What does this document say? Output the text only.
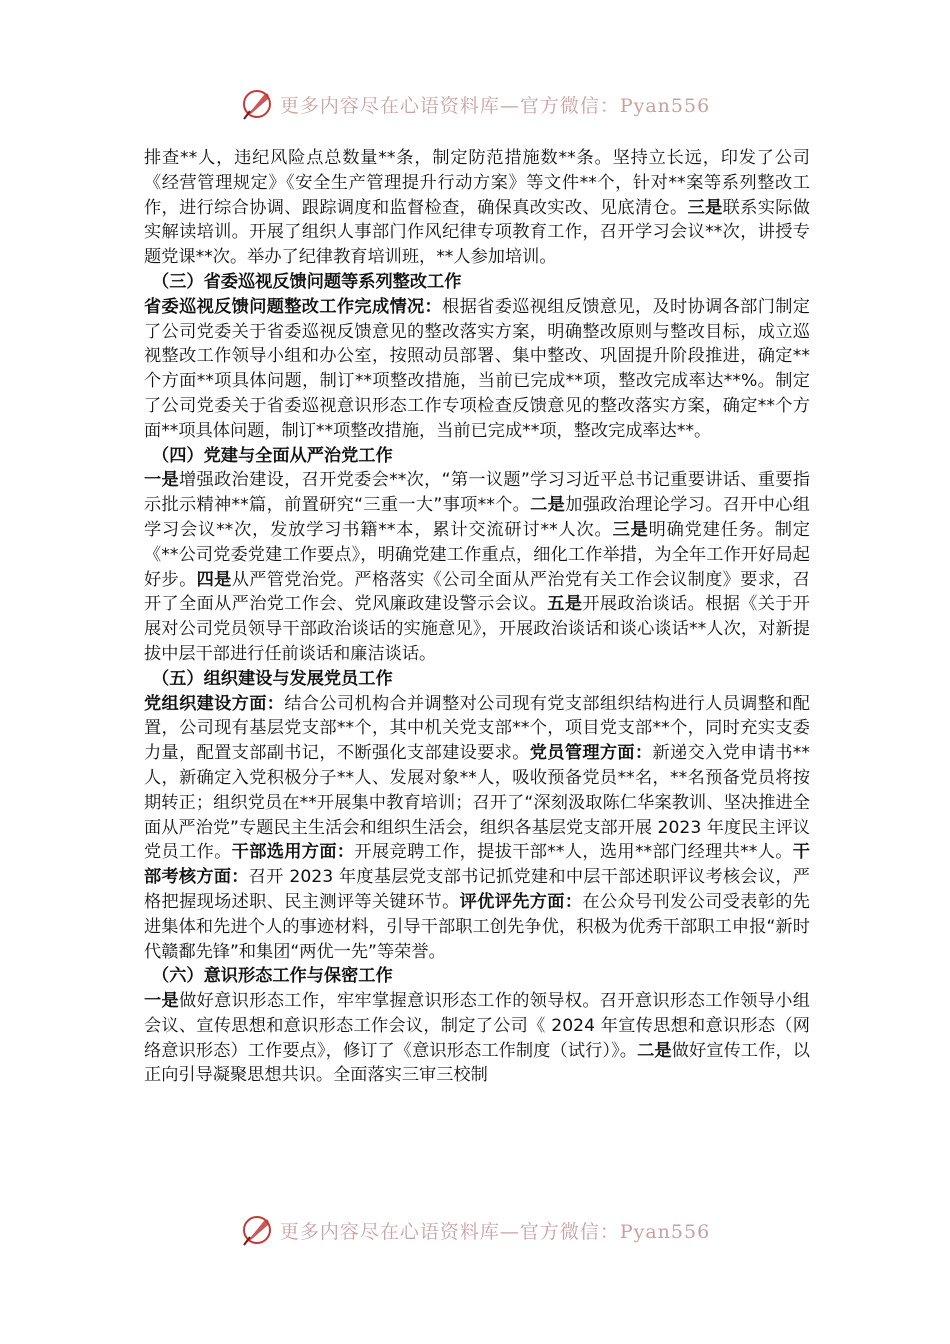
更多内容尽在心语资料库—官方微信：Pyan556

排查**人，违纪风险点总数量**条，制定防范措施数**条。坚持立长远，印发了公司《经营管理规定》《安全生产管理提升行动方案》等文件**个，针对**案等系列整改工作，进行综合协调、跟踪调度和监督检查，确保真改实改、见底清仓。三是联系实际做实解读培训。开展了组织人事部门作风纪律专项教育工作，召开学习会议**次，讲授专题党课**次。举办了纪律教育培训班，**人参加培训。

（三）省委巡视反馈问题等系列整改工作

省委巡视反馈问题整改工作完成情况：根据省委巡视组反馈意见，及时协调各部门制定了公司党委关于省委巡视反馈意见的整改落实方案，明确整改原则与整改目标，成立巡视整改工作领导小组和办公室，按照动员部署、集中整改、巩固提升阶段推进，确定**个方面**项具体问题，制订**项整改措施，当前已完成**项，整改完成率达**%。制定了公司党委关于省委巡视意识形态工作专项检查反馈意见的整改落实方案，确定**个方面**项具体问题，制订**项整改措施，当前已完成**项，整改完成率达**。

（四）党建与全面从严治党工作

一是增强政治建设，召开党委会**次，“第一议题”学习习近平总书记重要讲话、重要指示批示精神**篇，前置研究“三重一大”事项**个。二是加强政治理论学习。召开中心组学习会议**次，发放学习书籍**本，累计交流研讨**人次。三是明确党建任务。制定《**公司党委党建工作要点》，明确党建工作重点，细化工作举措，为全年工作开好局起好步。四是从严管党治党。严格落实《公司全面从严治党有关工作会议制度》要求，召开了全面从严治党工作会、党风廉政建设警示会议。五是开展政治谈话。根据《关于开展对公司党员领导干部政治谈话的实施意见》，开展政治谈话和谈心谈话**人次，对新提拔中层干部进行任前谈话和廉洁谈话。

（五）组织建设与发展党员工作

党组织建设方面：结合公司机构合并调整对公司现有党支部组织结构进行人员调整和配置，公司现有基层党支部**个，其中机关党支部**个，项目党支部**个，同时充实支委力量，配置支部副书记，不断强化支部建设要求。党员管理方面：新递交入党申请书**人，新确定入党积极分子**人、发展对象**人，吸收预备党员**名，**名预备党员将按期转正；组织党员在**开展集中教育培训；召开了“深刻汲取陈仁华案教训、坚决推进全面从严治党”专题民主生活会和组织生活会，组织各基层党支部开展 2023 年度民主评议党员工作。干部选用方面：开展竞聘工作，提拔干部**人，选用**部门经理共**人。干部考核方面：召开 2023 年度基层党支部书记抓党建和中层干部述职评议考核会议，严格把握现场述职、民主测评等关键环节。评优评先方面：在公众号刊发公司受表彰的先进集体和先进个人的事迹材料，引导干部职工创先争优，积极为优秀干部职工申报“新时代赣鄱先锋”和集团“两优一先”等荣誉。

（六）意识形态工作与保密工作

一是做好意识形态工作，牢牢掌握意识形态工作的领导权。召开意识形态工作领导小组会议、宣传思想和意识形态工作会议，制定了公司《 2024 年宣传思想和意识形态（网络意识形态）工作要点》，修订了《意识形态工作制度（试行）》。二是做好宣传工作，以正向引导凝聚思想共识。全面落实三审三校制

更多内容尽在心语资料库—官方微信：Pyan556
